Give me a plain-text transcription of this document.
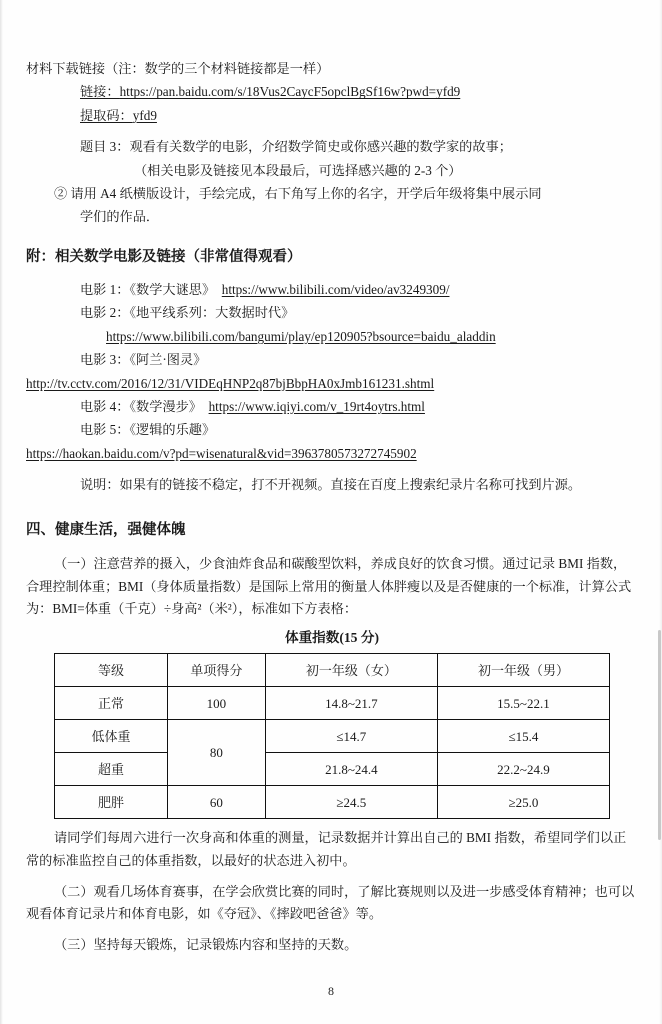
材料下载链接（注：数学的三个材料链接都是一样）

链接：https://pan.baidu.com/s/18Vus2CaycF5opclBgSf16w?pwd=yfd9

提取码：yfd9

题目 3：观看有关数学的电影，介绍数学简史或你感兴趣的数学家的故事；

（相关电影及链接见本段最后，可选择感兴趣的 2-3 个）

② 请用 A4 纸横版设计，手绘完成，右下角写上你的名字，开学后年级将集中展示同

学们的作品．

附：相关数学电影及链接（非常值得观看）

电影 1：《数学大谜思》 https://www.bilibili.com/video/av3249309/

电影 2：《地平线系列：大数据时代》

https://www.bilibili.com/bangumi/play/ep120905?bsource=baidu_aladdin

电影 3：《阿兰·图灵》

http://tv.cctv.com/2016/12/31/VIDEqHNP2q87bjBbpHA0xJmb161231.shtml

电影 4：《数学漫步》 https://www.iqiyi.com/v_19rt4oytrs.html

电影 5：《逻辑的乐趣》

https://haokan.baidu.com/v?pd=wisenatural&vid=3963780573272745902

说明：如果有的链接不稳定，打不开视频。直接在百度上搜索纪录片名称可找到片源。

四、健康生活，强健体魄

（一）注意营养的摄入，少食油炸食品和碳酸型饮料，养成良好的饮食习惯。通过记录 BMI 指数，合理控制体重；BMI（身体质量指数）是国际上常用的衡量人体胖瘦以及是否健康的一个标准，计算公式为：BMI=体重（千克）÷身高²（米²），标准如下方表格：

体重指数(15 分)

等级	单项得分	初一年级（女）	初一年级（男）
正常	100	14.8~21.7	15.5~22.1
低体重	80	≤14.7	≤15.4
超重		21.8~24.4	22.2~24.9
肥胖	60	≥24.5	≥25.0

请同学们每周六进行一次身高和体重的测量，记录数据并计算出自己的 BMI 指数，希望同学们以正常的标准监控自己的体重指数，以最好的状态进入初中。

（二）观看几场体育赛事，在学会欣赏比赛的同时，了解比赛规则以及进一步感受体育精神；也可以观看体育记录片和体育电影，如《夺冠》、《摔跤吧爸爸》等。

（三）坚持每天锻炼，记录锻炼内容和坚持的天数。

8
